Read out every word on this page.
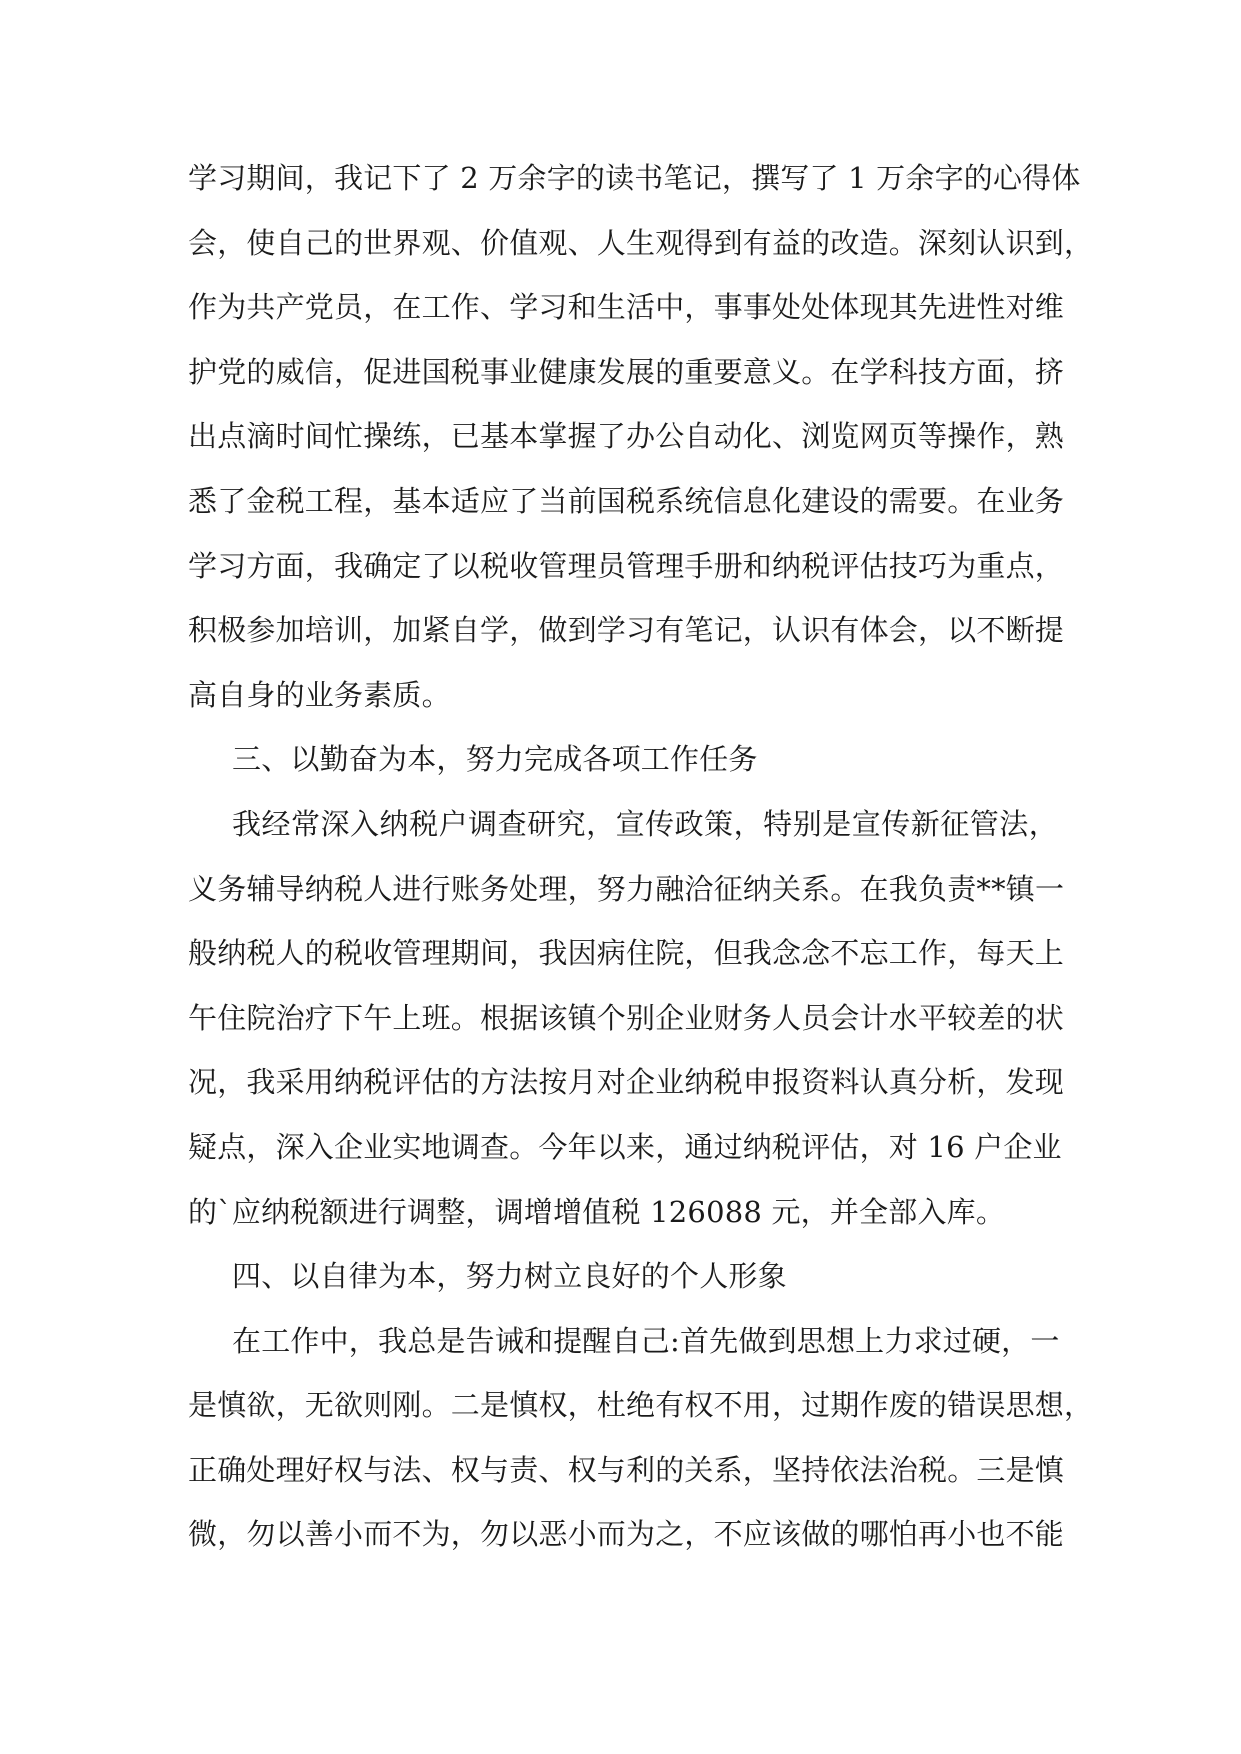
学习期间，我记下了 2 万余字的读书笔记，撰写了 1 万余字的心得体
会，使自己的世界观、价值观、人生观得到有益的改造。深刻认识到，
作为共产党员，在工作、学习和生活中，事事处处体现其先进性对维
护党的威信，促进国税事业健康发展的重要意义。在学科技方面，挤
出点滴时间忙操练，已基本掌握了办公自动化、浏览网页等操作，熟
悉了金税工程，基本适应了当前国税系统信息化建设的需要。在业务
学习方面，我确定了以税收管理员管理手册和纳税评估技巧为重点，
积极参加培训，加紧自学，做到学习有笔记，认识有体会，以不断提
高自身的业务素质。
三、以勤奋为本，努力完成各项工作任务
我经常深入纳税户调查研究，宣传政策，特别是宣传新征管法，
义务辅导纳税人进行账务处理，努力融洽征纳关系。在我负责**镇一
般纳税人的税收管理期间，我因病住院，但我念念不忘工作，每天上
午住院治疗下午上班。根据该镇个别企业财务人员会计水平较差的状
况，我采用纳税评估的方法按月对企业纳税申报资料认真分析，发现
疑点，深入企业实地调查。今年以来，通过纳税评估，对 16 户企业
的`应纳税额进行调整，调增增值税 126088 元，并全部入库。
四、以自律为本，努力树立良好的个人形象
在工作中，我总是告诫和提醒自己:首先做到思想上力求过硬，一
是慎欲，无欲则刚。二是慎权，杜绝有权不用，过期作废的错误思想，
正确处理好权与法、权与责、权与利的关系，坚持依法治税。三是慎
微，勿以善小而不为，勿以恶小而为之，不应该做的哪怕再小也不能
